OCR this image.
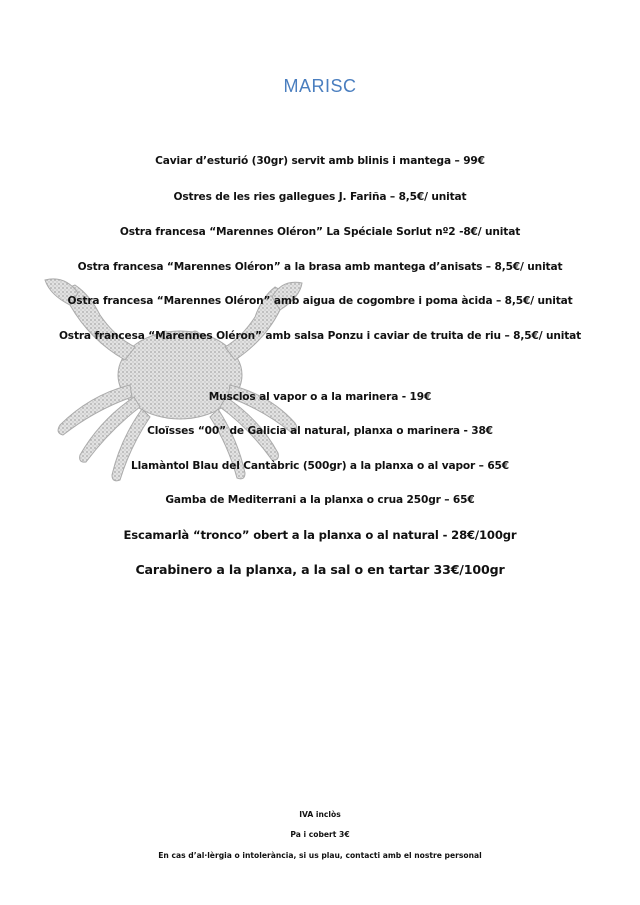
MARISC
Caviar d’esturió (30gr) servit amb blinis i mantega – 99€
Ostres de les ries gallegues J. Fariña – 8,5€/ unitat
Ostra francesa “Marennes Oléron” La Spéciale Sorlut nº2 -8€/ unitat
Ostra francesa “Marennes Oléron” a la brasa amb mantega d’anisats – 8,5€/ unitat
Ostra francesa “Marennes Oléron” amb aigua de cogombre i poma àcida – 8,5€/ unitat
Ostra francesa “Marennes Oléron” amb salsa Ponzu i caviar de truita de riu – 8,5€/ unitat
Musclos al vapor o a la marinera - 19€
Cloïsses “00” de Galicia al natural, planxa o marinera - 38€
Llamàntol Blau del Cantàbric (500gr) a la planxa o al vapor – 65€
Gamba de Mediterrani a la planxa o crua 250gr – 65€
Escamarlà “tronco” obert a la planxa o al natural - 28€/100gr
Carabinero a la planxa, a la sal o en tartar 33€/100gr
IVA inclòs
Pa i cobert 3€
En cas d’al·lèrgia o intolerància, si us plau, contacti amb el nostre personal
